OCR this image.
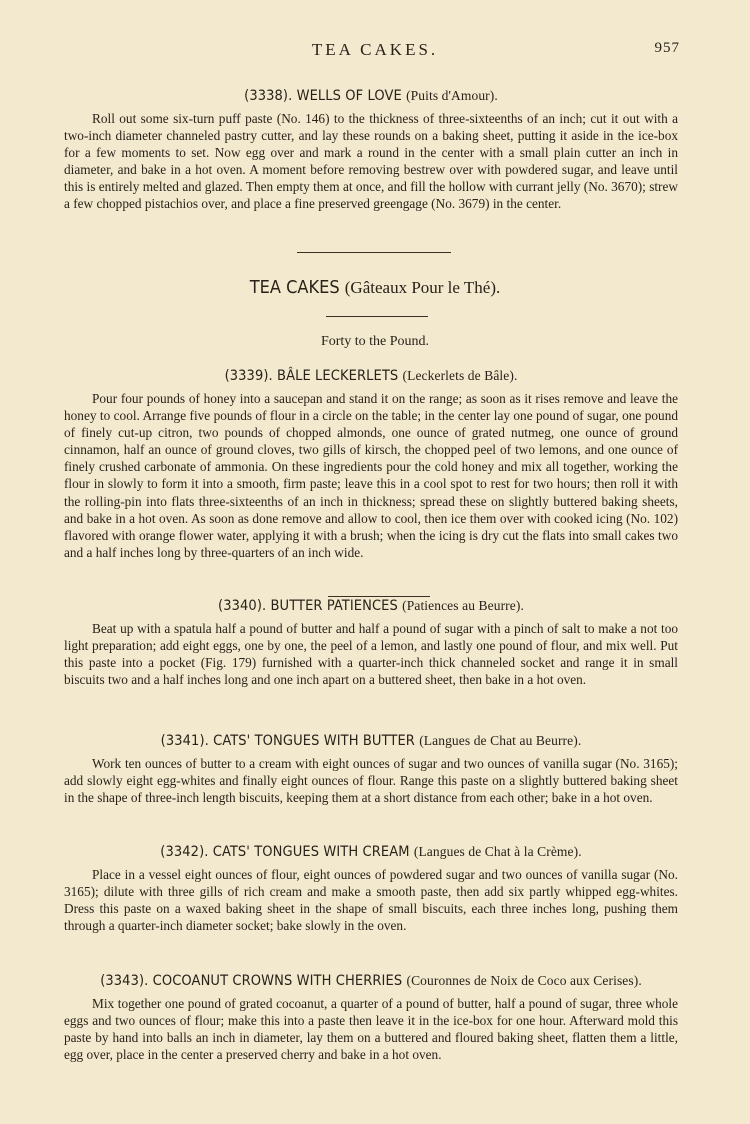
TEA CAKES.	957
(3338). WELLS OF LOVE (Puits d'Amour).

Roll out some six-turn puff paste (No. 146) to the thickness of three-sixteenths of an inch; cut it out with a two-inch diameter channeled pastry cutter, and lay these rounds on a baking sheet, putting it aside in the ice-box for a few moments to set. Now egg over and mark a round in the center with a small plain cutter an inch in diameter, and bake in a hot oven. A moment before removing bestrew over with powdered sugar, and leave until this is entirely melted and glazed. Then empty them at once, and fill the hollow with currant jelly (No. 3670); strew a few chopped pistachios over, and place a fine preserved greengage (No. 3679) in the center.

TEA CAKES (Gâteaux Pour le Thé).
Forty to the Pound.
(3339). BÂLE LECKERLETS (Leckerlets de Bâle).

Pour four pounds of honey into a saucepan and stand it on the range; as soon as it rises remove and leave the honey to cool. Arrange five pounds of flour in a circle on the table; in the center lay one pound of sugar, one pound of finely cut-up citron, two pounds of chopped almonds, one ounce of grated nutmeg, one ounce of ground cinnamon, half an ounce of ground cloves, two gills of kirsch, the chopped peel of two lemons, and one ounce of finely crushed carbonate of ammonia. On these ingredients pour the cold honey and mix all together, working the flour in slowly to form it into a smooth, firm paste; leave this in a cool spot to rest for two hours; then roll it with the rolling-pin into flats three-sixteenths of an inch in thickness; spread these on slightly buttered baking sheets, and bake in a hot oven. As soon as done remove and allow to cool, then ice them over with cooked icing (No. 102) flavored with orange flower water, applying it with a brush; when the icing is dry cut the flats into small cakes two and a half inches long by three-quarters of an inch wide.

(3340). BUTTER PATIENCES (Patiences au Beurre).

Beat up with a spatula half a pound of butter and half a pound of sugar with a pinch of salt to make a not too light preparation; add eight eggs, one by one, the peel of a lemon, and lastly one pound of flour, and mix well. Put this paste into a pocket (Fig. 179) furnished with a quarter-inch thick channeled socket and range it in small biscuits two and a half inches long and one inch apart on a buttered sheet, then bake in a hot oven.

(3341). CATS' TONGUES WITH BUTTER (Langues de Chat au Beurre).

Work ten ounces of butter to a cream with eight ounces of sugar and two ounces of vanilla sugar (No. 3165); add slowly eight egg-whites and finally eight ounces of flour. Range this paste on a slightly buttered baking sheet in the shape of three-inch length biscuits, keeping them at a short distance from each other; bake in a hot oven.

(3342). CATS' TONGUES WITH CREAM (Langues de Chat à la Crème).

Place in a vessel eight ounces of flour, eight ounces of powdered sugar and two ounces of vanilla sugar (No. 3165); dilute with three gills of rich cream and make a smooth paste, then add six partly whipped egg-whites. Dress this paste on a waxed baking sheet in the shape of small biscuits, each three inches long, pushing them through a quarter-inch diameter socket; bake slowly in the oven.

(3343). COCOANUT CROWNS WITH CHERRIES (Couronnes de Noix de Coco aux Cerises).

Mix together one pound of grated cocoanut, a quarter of a pound of butter, half a pound of sugar, three whole eggs and two ounces of flour; make this into a paste then leave it in the ice-box for one hour. Afterward mold this paste by hand into balls an inch in diameter, lay them on a buttered and floured baking sheet, flatten them a little, egg over, place in the center a preserved cherry and bake in a hot oven.
